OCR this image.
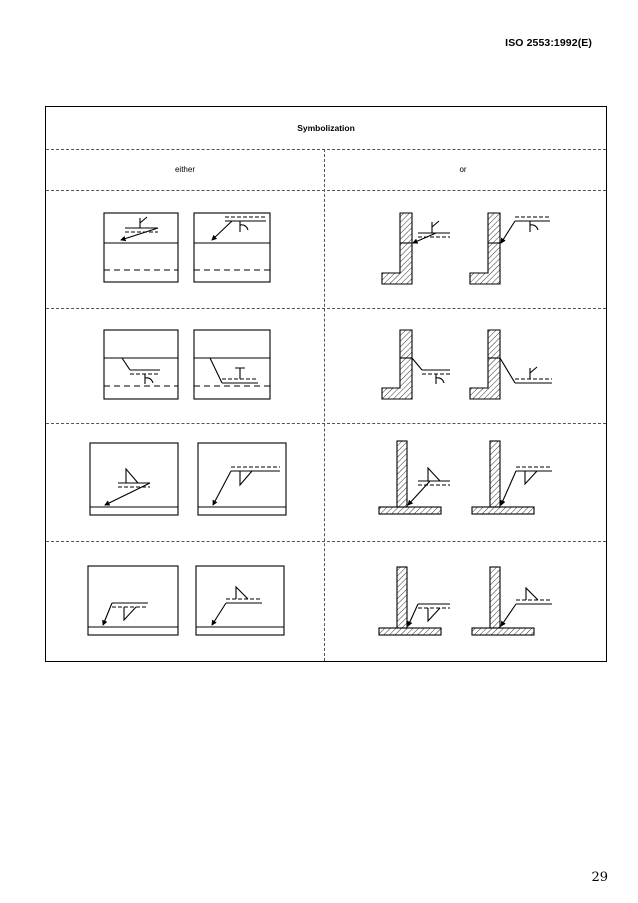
ISO 2553:1992(E)
Symbolization
either	or
29
